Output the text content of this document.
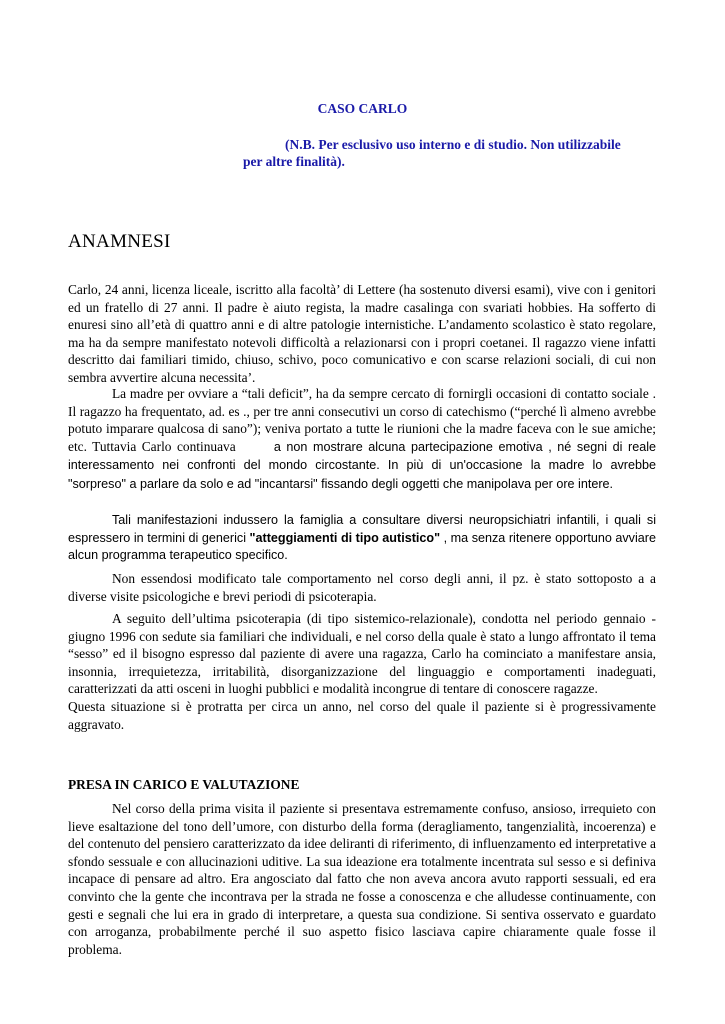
CASO CARLO

(N.B. Per esclusivo uso interno e di studio. Non utilizzabile
per altre finalità).

ANAMNESI

Carlo, 24 anni, licenza liceale, iscritto alla facoltà’ di Lettere (ha sostenuto diversi esami), vive con i genitori ed un fratello di 27 anni. Il padre è aiuto regista, la madre casalinga con svariati hobbies. Ha sofferto di enuresi sino all’età di quattro anni e di altre patologie internistiche. L’andamento scolastico è stato regolare, ma ha da sempre manifestato notevoli difficoltà a relazionarsi con i propri coetanei. Il ragazzo viene infatti descritto dai familiari timido, chiuso, schivo, poco comunicativo e con scarse relazioni sociali, di cui non sembra avvertire alcuna necessita’.

La madre per ovviare a “tali deficit”, ha da sempre cercato di fornirgli occasioni di contatto sociale . Il ragazzo ha frequentato, ad. es ., per tre anni consecutivi un corso di catechismo (“perché lì almeno avrebbe potuto imparare qualcosa di sano”); veniva portato a tutte le riunioni che la madre faceva con le sue amiche; etc. Tuttavia Carlo continuava	a non mostrare alcuna partecipazione emotiva , né segni di reale interessamento nei confronti del mondo circostante. In più di un'occasione la madre lo avrebbe "sorpreso" a parlare da solo e ad "incantarsi" fissando degli oggetti che manipolava per ore intere.

Tali manifestazioni indussero la famiglia a consultare diversi neuropsichiatri infantili, i quali si espressero in termini di generici "atteggiamenti di tipo autistico" , ma senza ritenere opportuno avviare alcun programma terapeutico specifico.

Non essendosi modificato tale comportamento nel corso degli anni, il pz. è stato sottoposto a a diverse visite psicologiche e brevi periodi di psicoterapia.

A seguito dell’ultima psicoterapia (di tipo sistemico-relazionale), condotta nel periodo gennaio - giugno 1996 con sedute sia familiari che individuali, e nel corso della quale è stato a lungo affrontato il tema “sesso” ed il bisogno espresso dal paziente di avere una ragazza, Carlo ha cominciato a manifestare ansia, insonnia, irrequietezza, irritabilità, disorganizzazione del linguaggio e comportamenti inadeguati, caratterizzati da atti osceni in luoghi pubblici e modalità incongrue di tentare di conoscere ragazze.

Questa situazione si è protratta per circa un anno, nel corso del quale il paziente si è progressivamente aggravato.

PRESA IN CARICO E VALUTAZIONE

Nel corso della prima visita il paziente si presentava estremamente confuso, ansioso, irrequieto con lieve esaltazione del tono dell’umore, con disturbo della forma (deragliamento, tangenzialità, incoerenza) e del contenuto del pensiero caratterizzato da idee deliranti di riferimento, di influenzamento ed interpretative a sfondo sessuale e con allucinazioni uditive. La sua ideazione era totalmente incentrata sul sesso e si definiva incapace di pensare ad altro. Era angosciato dal fatto che non aveva ancora avuto rapporti sessuali, ed era convinto che la gente che incontrava per la strada ne fosse a conoscenza e che alludesse continuamente, con gesti e segnali che lui era in grado di interpretare, a questa sua condizione. Si sentiva osservato e guardato con arroganza, probabilmente perché il suo aspetto fisico lasciava capire chiaramente quale fosse il problema.
